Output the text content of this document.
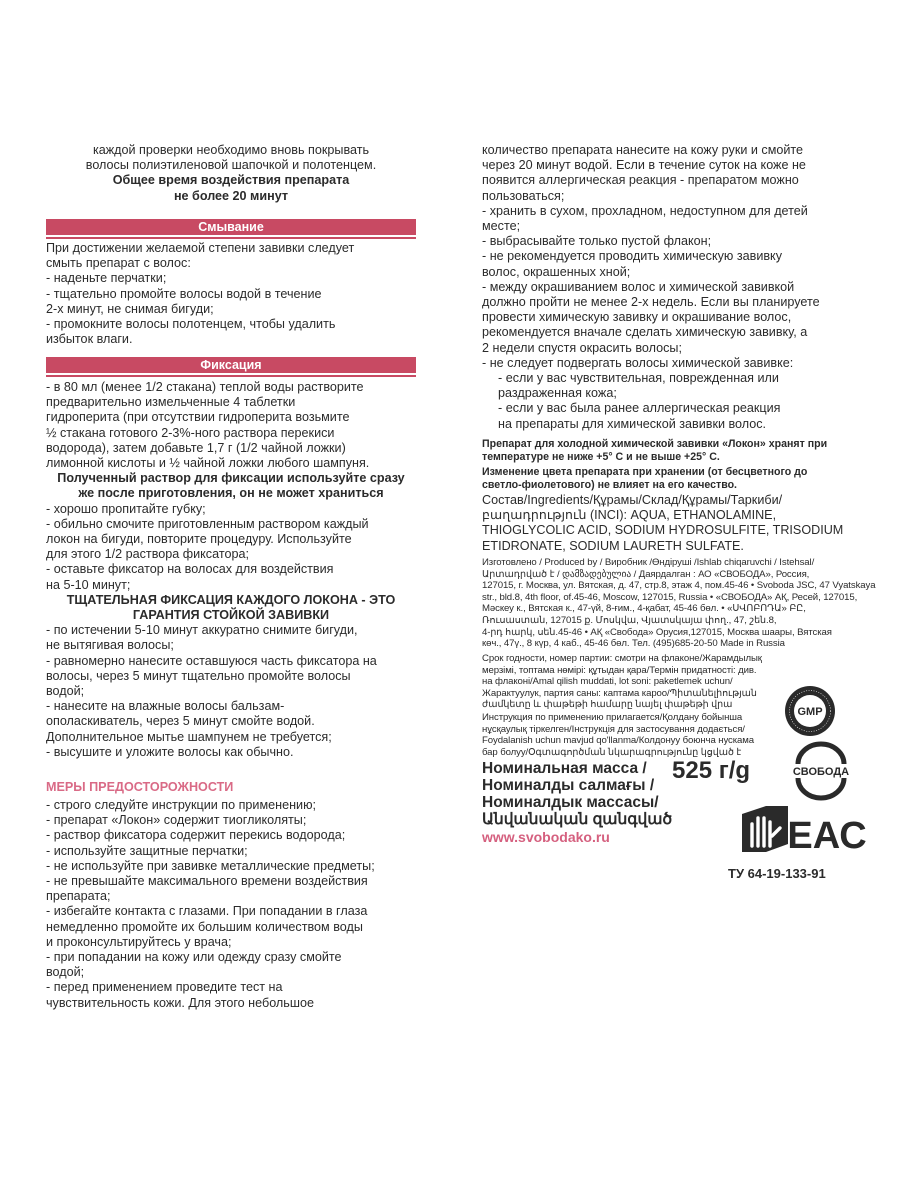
каждой проверки необходимо вновь покрывать

волосы полиэтиленовой шапочкой и полотенцем.

Общее время воздействия препарата

не более 20 минут

Смывание

При достижении желаемой степени завивки следует

смыть препарат с волос:

- наденьте перчатки;

- тщательно промойте волосы водой в течение

2-х минут, не снимая бигуди;

- промокните волосы полотенцем, чтобы удалить

избыток влаги.

Фиксация

- в 80 мл (менее 1/2 стакана) теплой воды растворите

предварительно измельченные 4 таблетки

гидроперита (при отсутствии гидроперита возьмите

½ стакана готового 2-3%-ного раствора перекиси

водорода), затем добавьте 1,7 г (1/2 чайной ложки)

лимонной кислоты и ½ чайной ложки любого шампуня.

Полученный раствор для фиксации используйте сразу

же после приготовления, он не может храниться

- хорошо пропитайте губку;

- обильно смочите приготовленным раствором каждый

локон на бигуди, повторите процедуру. Используйте

для этого 1/2 раствора фиксатора;

- оставьте фиксатор на волосах для воздействия

на 5-10 минут;

ТЩАТЕЛЬНАЯ ФИКСАЦИЯ КАЖДОГО ЛОКОНА - ЭТО

ГАРАНТИЯ СТОЙКОЙ ЗАВИВКИ

- по истечении 5-10 минут аккуратно снимите бигуди,

не вытягивая волосы;

- равномерно нанесите оставшуюся часть фиксатора на

волосы, через 5 минут тщательно промойте волосы

водой;

- нанесите на влажные волосы бальзам-

ополаскиватель, через 5 минут смойте водой.

Дополнительное мытье шампунем не требуется;

- высушите и уложите волосы как обычно.

МЕРЫ ПРЕДОСТОРОЖНОСТИ

- строго следуйте инструкции по применению;

- препарат «Локон» содержит тиогликоляты;

- раствор фиксатора содержит перекись водорода;

- используйте защитные перчатки;

- не используйте при завивке металлические предметы;

- не превышайте максимального времени воздействия

препарата;

- избегайте контакта с глазами. При попадании в глаза

немедленно промойте их большим количеством воды

и проконсультируйтесь у врача;

- при попадании на кожу или одежду сразу смойте

водой;

- перед применением проведите тест на

чувствительность кожи. Для этого небольшое

количество препарата нанесите на кожу руки и смойте

через 20 минут водой. Если в течение суток на коже не

появится аллергическая реакция - препаратом можно

пользоваться;

- хранить в сухом, прохладном, недоступном для детей

месте;

- выбрасывайте только пустой флакон;

- не рекомендуется проводить химическую завивку

волос, окрашенных хной;

- между окрашиванием волос и химической завивкой

должно пройти не менее 2-х недель. Если вы планируете

провести химическую завивку и окрашивание волос,

рекомендуется вначале сделать химическую завивку, а

2 недели спустя окрасить волосы;

- не следует подвергать волосы химической завивке:

- если у вас чувствительная, поврежденная или

раздраженная кожа;

- если у вас была ранее аллергическая реакция

на препараты для химической завивки волос.

Препарат для холодной химической завивки «Локон» хранят при

температуре не ниже +5° С и не выше +25° С.

Изменение цвета препарата при хранении (от бесцветного до

светло-фиолетового) не влияет на его качество.

Состав/Ingredients/Құрамы/Склад/Құрамы/Таркиби/

բաղադրություն (INCI): AQUA, ETHANOLAMINE,

THIOGLYCOLIC ACID, SODIUM HYDROSULFITE, TRISODIUM

ETIDRONATE, SODIUM LAURETH SULFATE.

Изготовлено / Produced by / Виробник /Өндіруші /Ishlab chiqaruvchi / Istehsal/

Արտադրված է / დამზადებულია / Даярдалган : АО «СВОБОДА», Россия,

127015, г. Москва, ул. Вятская, д. 47, стр.8, этаж 4, пом.45-46 • Svoboda JSC, 47 Vyatskaya

str., bld.8, 4th floor, of.45-46, Moscow, 127015, Russia • «СВОБОДА» АҚ, Ресей, 127015,

Мәскеу к., Вятская к., 47-үй, 8-ғим., 4-қабат, 45-46 бөл. • «ՍՎՈԲՈԴԱ» ԲԸ,

Ռուսաստան, 127015 ք. Մոսկվա, Վյատսկայա փող., 47, շեն.8,

4-րդ հարկ, սեն.45-46 • АҚ «Свобода» Орусия,127015, Москва шаары, Вятская

көч., 47ү., 8 күр, 4 каб., 45-46 бөл. Тел. (495)685-20-50 Made in Russia

Срок годности, номер партии: смотри на флаконе/Жарамдылық

мерзімі, топтама нөмірі: құтыдан қара/Термін придатності: див.

на флаконі/Amal qilish muddati, lot soni: paketlemek uchun/

Жарактуулук, партия саны: каптама кароо/Պիտանելիության

ժամկետը և փաթեթի համարը նայել փաթեթի վրա

Инструкция по применению прилагается/Қолдану бойынша

нұсқаулық тіркелген/Інструкція для застосування додається/

Foydalanish uchun mavjud qo'llanma/Колдонуу боюнча нускама

бар болуу/Օգտագործման նկարագրությունը կցված է

Номинальная масса /

Номиналды салмағы /

Номиналдык массасы/

Անվանական զանգված

525 г/g
www.svobodako.ru
GMP
СВОБОДА
ЕАС
ТУ 64-19-133-91
